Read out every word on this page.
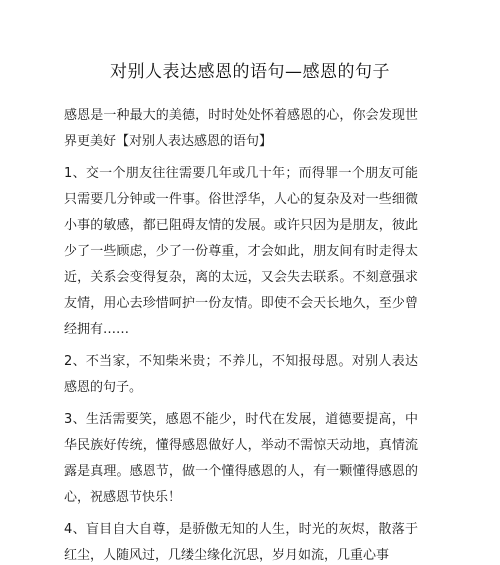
对别人表达感恩的语句—感恩的句子

感恩是一种最大的美德，时时处处怀着感恩的心，你会发现世界更美好【对别人表达感恩的语句】

1、交一个朋友往往需要几年或几十年；而得罪一个朋友可能只需要几分钟或一件事。俗世浮华，人心的复杂及对一些细微小事的敏感，都已阻碍友情的发展。或许只因为是朋友，彼此少了一些顾虑，少了一份尊重，才会如此，朋友间有时走得太近，关系会变得复杂，离的太远，又会失去联系。不刻意强求友情，用心去珍惜呵护一份友情。即使不会天长地久，至少曾经拥有……

2、不当家，不知柴米贵；不养儿，不知报母恩。对别人表达感恩的句子。

3、生活需要笑，感恩不能少，时代在发展，道德要提高，中华民族好传统，懂得感恩做好人，举动不需惊天动地，真情流露是真理。感恩节，做一个懂得感恩的人，有一颗懂得感恩的心，祝感恩节快乐！

4、盲目自大自尊，是骄傲无知的人生，时光的灰烬，散落于红尘，人随风过，几缕尘缘化沉思，岁月如流，几重心事
